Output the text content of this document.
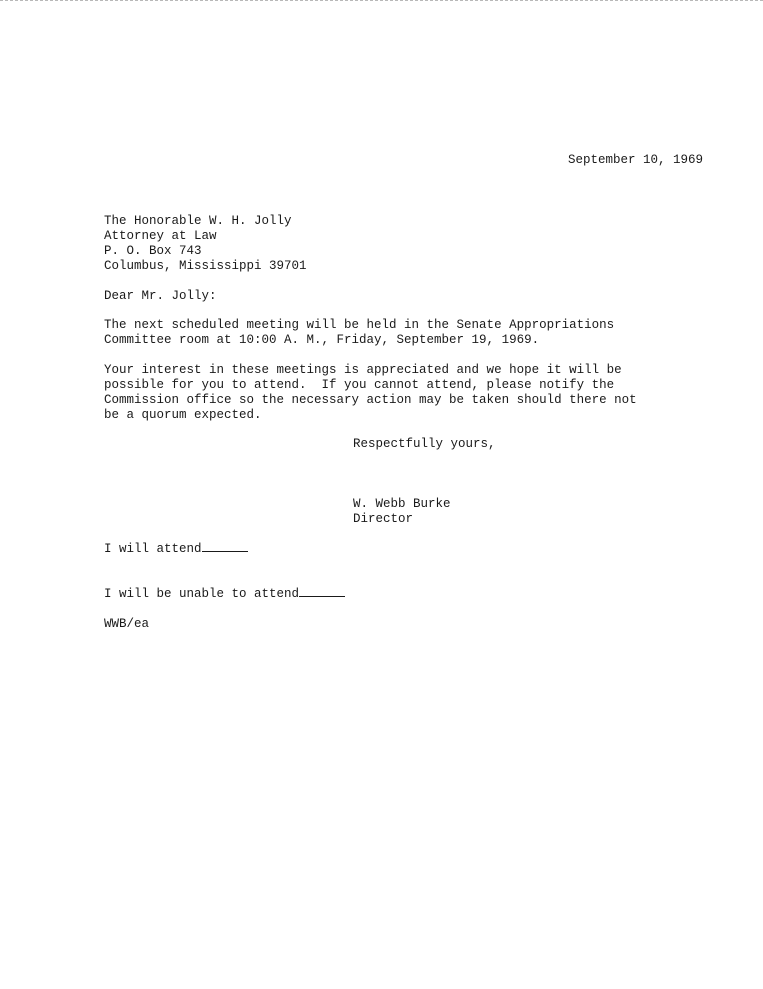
September 10, 1969
The Honorable W. H. Jolly
Attorney at Law
P. O. Box 743
Columbus, Mississippi 39701
Dear Mr. Jolly:
The next scheduled meeting will be held in the Senate Appropriations
Committee room at 10:00 A. M., Friday, September 19, 1969.
Your interest in these meetings is appreciated and we hope it will be
possible for you to attend.  If you cannot attend, please notify the
Commission office so the necessary action may be taken should there not
be a quorum expected.
Respectfully yours,
W. Webb Burke
Director
I will attend
I will be unable to attend
WWB/ea
